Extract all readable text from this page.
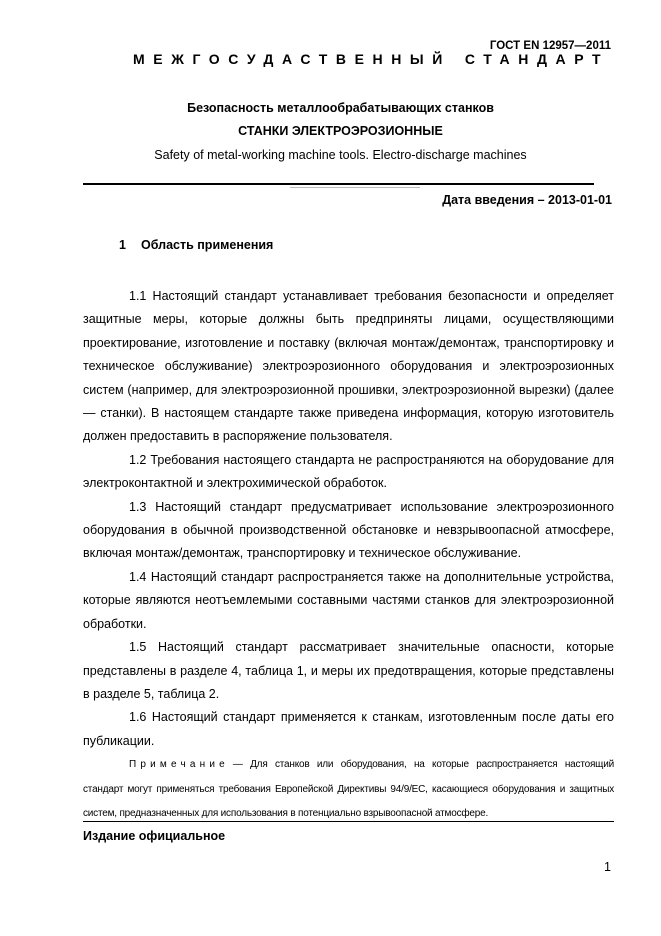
ГОСТ EN 12957—2011
МЕЖГОСУДАСТВЕННЫЙ СТАНДАРТ
Безопасность металлообрабатывающих станков
СТАНКИ ЭЛЕКТРОЭРОЗИОННЫЕ
Safety of metal-working machine tools. Electro-discharge machines
Дата введения – 2013-01-01
1 Область применения

1.1 Настоящий стандарт устанавливает требования безопасности и определяет защитные меры, которые должны быть предприняты лицами, осуществляющими проектирование, изготовление и поставку (включая монтаж/демонтаж, транспортировку и техническое обслуживание) электроэрозионного оборудования и электроэрозионных систем (например, для электроэрозионной прошивки, электроэрозионной вырезки) (далее — станки). В настоящем стандарте также приведена информация, которую изготовитель должен предоставить в распоряжение пользователя.

1.2 Требования настоящего стандарта не распространяются на оборудование для электроконтактной и электрохимической обработок.

1.3 Настоящий стандарт предусматривает использование электроэрозионного оборудования в обычной производственной обстановке и невзрывоопасной атмосфере, включая монтаж/демонтаж, транспортировку и техническое обслуживание.

1.4 Настоящий стандарт распространяется также на дополнительные устройства, которые являются неотъемлемыми составными частями станков для электроэрозионной обработки.

1.5 Настоящий стандарт рассматривает значительные опасности, которые представлены в разделе 4, таблица 1, и меры их предотвращения, которые представлены в разделе 5, таблица 2.

1.6 Настоящий стандарт применяется к станкам, изготовленным после даты его публикации.

Примечание — Для станков или оборудования, на которые распространяется настоящий стандарт могут применяться требования Европейской Директивы 94/9/EC, касающиеся оборудования и защитных систем, предназначенных для использования в потенциально взрывоопасной атмосфере.

Издание официальное
1
